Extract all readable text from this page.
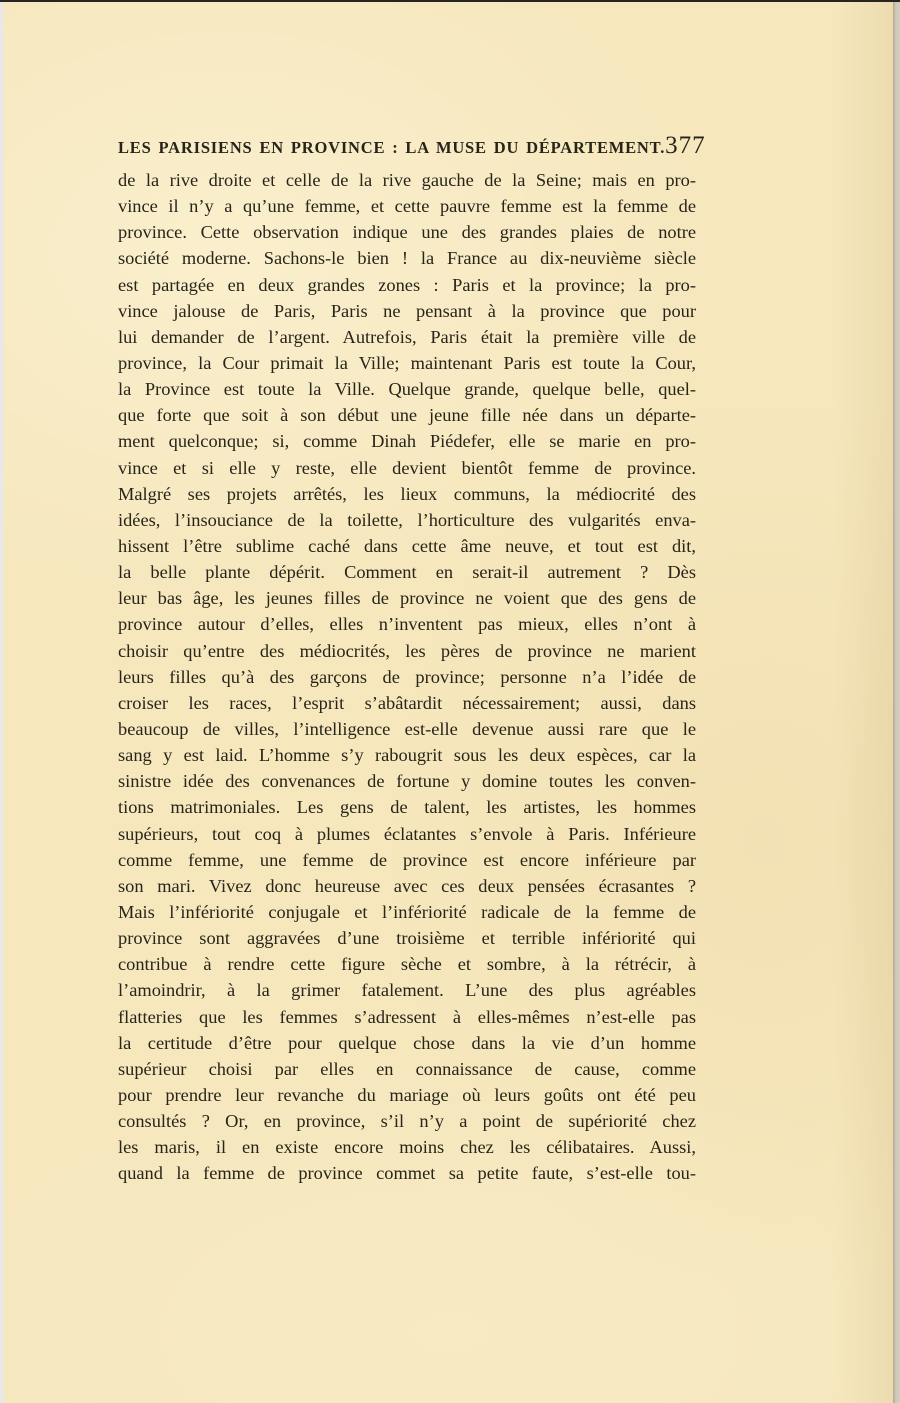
LES PARISIENS EN PROVINCE : LA MUSE DU DÉPARTEMENT. 377
de la rive droite et celle de la rive gauche de la Seine; mais en pro-
vince il n’y a qu’une femme, et cette pauvre femme est la femme de
province. Cette observation indique une des grandes plaies de notre
société moderne. Sachons-le bien ! la France au dix-neuvième siècle
est partagée en deux grandes zones : Paris et la province; la pro-
vince jalouse de Paris, Paris ne pensant à la province que pour
lui demander de l’argent. Autrefois, Paris était la première ville de
province, la Cour primait la Ville; maintenant Paris est toute la Cour,
la Province est toute la Ville. Quelque grande, quelque belle, quel-
que forte que soit à son début une jeune fille née dans un départe-
ment quelconque; si, comme Dinah Piédefer, elle se marie en pro-
vince et si elle y reste, elle devient bientôt femme de province.
Malgré ses projets arrêtés, les lieux communs, la médiocrité des
idées, l’insouciance de la toilette, l’horticulture des vulgarités enva-
hissent l’être sublime caché dans cette âme neuve, et tout est dit,
la belle plante dépérit. Comment en serait-il autrement ? Dès
leur bas âge, les jeunes filles de province ne voient que des gens de
province autour d’elles, elles n’inventent pas mieux, elles n’ont à
choisir qu’entre des médiocrités, les pères de province ne marient
leurs filles qu’à des garçons de province; personne n’a l’idée de
croiser les races, l’esprit s’abâtardit nécessairement; aussi, dans
beaucoup de villes, l’intelligence est-elle devenue aussi rare que le
sang y est laid. L’homme s’y rabougrit sous les deux espèces, car la
sinistre idée des convenances de fortune y domine toutes les conven-
tions matrimoniales. Les gens de talent, les artistes, les hommes
supérieurs, tout coq à plumes éclatantes s’envole à Paris. Inférieure
comme femme, une femme de province est encore inférieure par
son mari. Vivez donc heureuse avec ces deux pensées écrasantes ?
Mais l’infériorité conjugale et l’infériorité radicale de la femme de
province sont aggravées d’une troisième et terrible infériorité qui
contribue à rendre cette figure sèche et sombre, à la rétrécir, à
l’amoindrir, à la grimer fatalement. L’une des plus agréables
flatteries que les femmes s’adressent à elles-mêmes n’est-elle pas
la certitude d’être pour quelque chose dans la vie d’un homme
supérieur choisi par elles en connaissance de cause, comme
pour prendre leur revanche du mariage où leurs goûts ont été peu
consultés ? Or, en province, s’il n’y a point de supériorité chez
les maris, il en existe encore moins chez les célibataires. Aussi,
quand la femme de province commet sa petite faute, s’est-elle tou-
